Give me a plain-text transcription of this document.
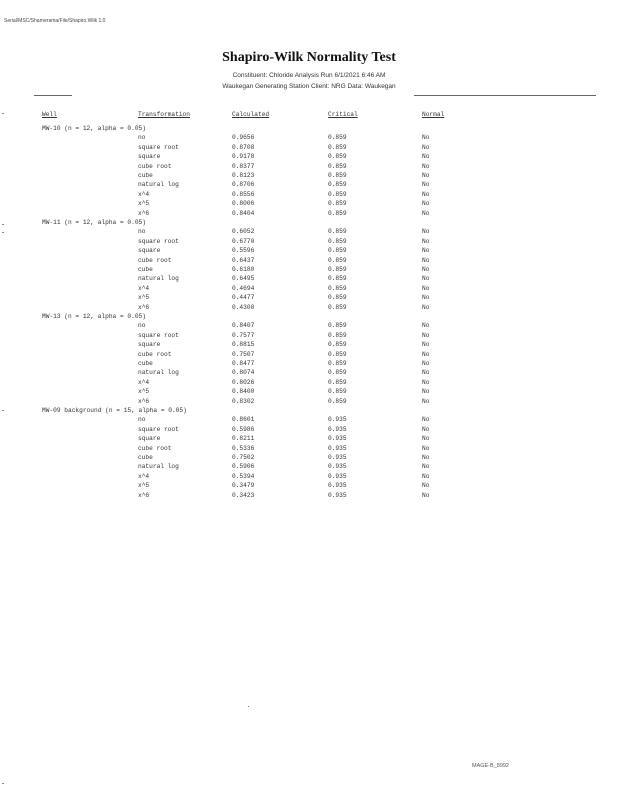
Serial/MSC/Sharnerama/File/Shapiro.Wilk 1.0
Shapiro-Wilk Normality Test
Constituent: Chloride Analysis Run 6/1/2021 6:46 AM
Waukegan Generating Station Client: NRG Data: Waukegan
Well	Transformation	Calculated	Critical	Normal
MW-10 (n = 12, alpha = 0.05)
no	0.9656	0.859	No
square root	0.8708	0.859	No
square	0.9178	0.859	No
cube root	0.8377	0.859	No
cube	0.8123	0.859	No
natural log	0.8706	0.859	No
x^4	0.8556	0.859	No
x^5	0.8006	0.859	No
x^6	0.8404	0.859	No
MW-11 (n = 12, alpha = 0.05)
no	0.6052	0.859	No
square root	0.6770	0.859	No
square	0.5596	0.859	No
cube root	0.6437	0.859	No
cube	0.6180	0.859	No
natural log	0.6495	0.859	No
x^4	0.4694	0.859	No
x^5	0.4477	0.859	No
x^6	0.4300	0.859	No
MW-13 (n = 12, alpha = 0.05)
no	0.8407	0.859	No
square root	0.7577	0.859	No
square	0.8815	0.859	No
cube root	0.7507	0.859	No
cube	0.8477	0.859	No
natural log	0.8074	0.859	No
x^4	0.8026	0.859	No
x^5	0.8400	0.859	No
x^6	0.8302	0.859	No
MW-09 background (n = 15, alpha = 0.05)
no	0.8601	0.935	No
square root	0.5986	0.935	No
square	0.8211	0.935	No
cube root	0.5336	0.935	No
cube	0.7502	0.935	No
natural log	0.5906	0.935	No
x^4	0.5394	0.935	No
x^5	0.3479	0.935	No
x^6	0.3423	0.935	No
MAGE-B_8992
